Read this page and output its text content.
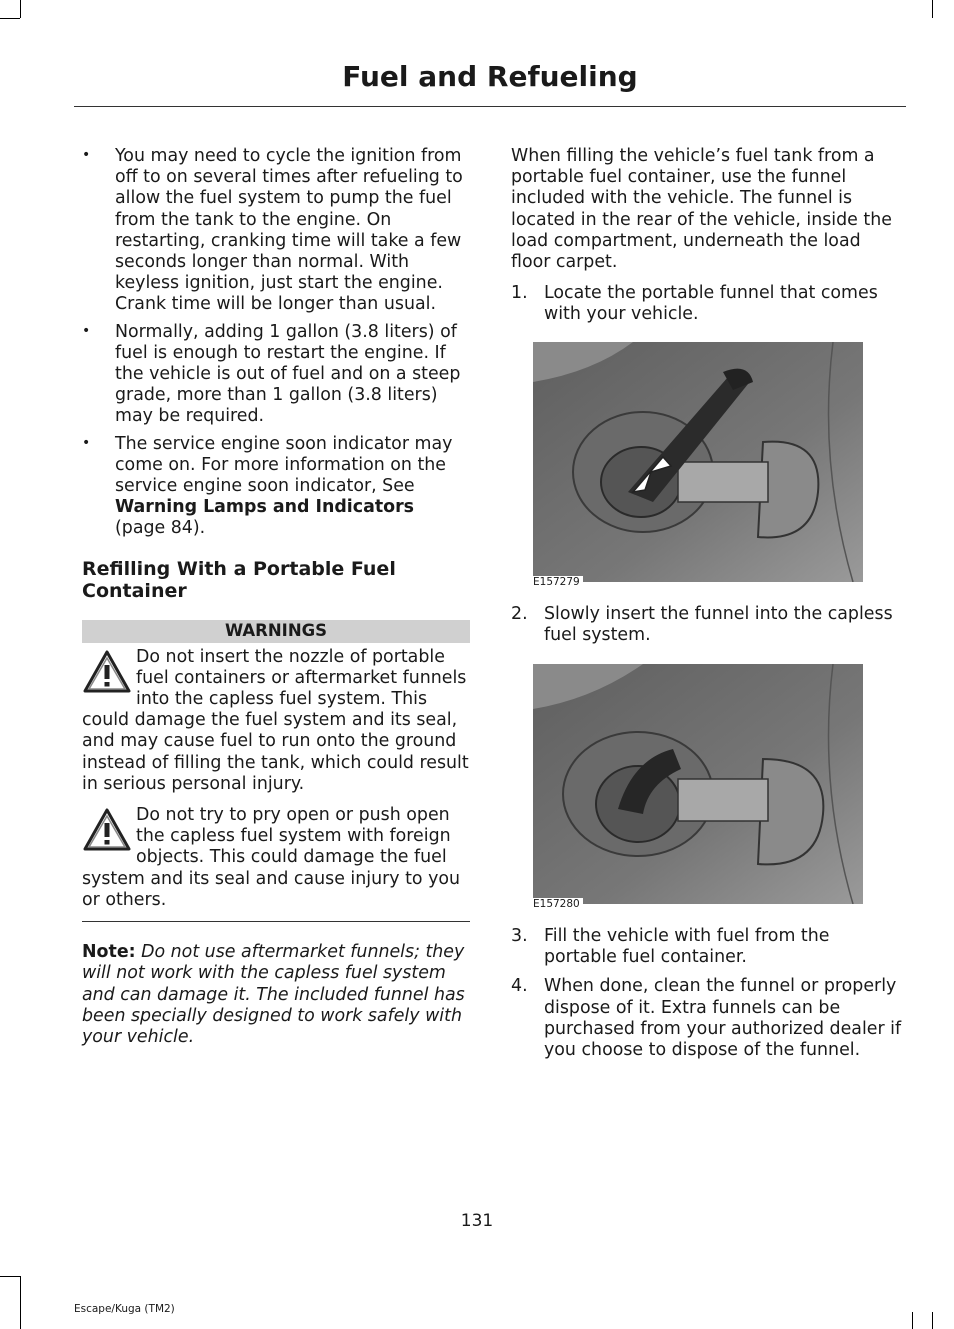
Fuel and Refueling
• You may need to cycle the ignition from off to on several times after refueling to allow the fuel system to pump the fuel from the tank to the engine. On restarting, cranking time will take a few seconds longer than normal. With keyless ignition, just start the engine. Crank time will be longer than usual.
• Normally, adding 1 gallon (3.8 liters) of fuel is enough to restart the engine. If the vehicle is out of fuel and on a steep grade, more than 1 gallon (3.8 liters) may be required.
• The service engine soon indicator may come on. For more information on the service engine soon indicator, See Warning Lamps and Indicators
(page 84).
Refilling With a Portable Fuel Container
WARNINGS
Do not insert the nozzle of portable fuel containers or aftermarket funnels into the capless fuel system. This could damage the fuel system and its seal, and may cause fuel to run onto the ground instead of filling the tank, which could result in serious personal injury.
Do not try to pry open or push open the capless fuel system with foreign objects. This could damage the fuel system and its seal and cause injury to you or others.
Note: Do not use aftermarket funnels; they will not work with the capless fuel system and can damage it. The included funnel has been specially designed to work safely with your vehicle.
When filling the vehicle’s fuel tank from a portable fuel container, use the funnel included with the vehicle. The funnel is located in the rear of the vehicle, inside the load compartment, underneath the load floor carpet.
1. Locate the portable funnel that comes with your vehicle.
E157279
2. Slowly insert the funnel into the capless fuel system.
E157280
3. Fill the vehicle with fuel from the portable fuel container.
4. When done, clean the funnel or properly dispose of it. Extra funnels can be purchased from your authorized dealer if you choose to dispose of the funnel.
131
Escape/Kuga (TM2)
